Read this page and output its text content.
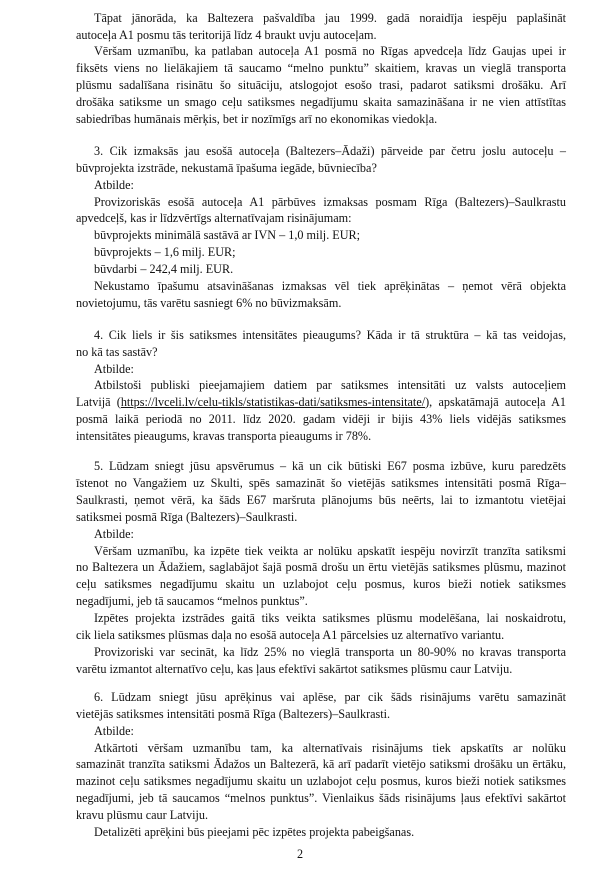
Tāpat jānorāda, ka Baltezera pašvaldība jau 1999. gadā noraidīja iespēju paplašināt
autoceļa A1 posmu tās teritorijā līdz 4 braukt uvju autoceļam.
Vēršam uzmanību, ka patlaban autoceļa A1 posmā no Rīgas apvedceļa līdz Gaujas upei ir
fiksēts viens no lielākajiem tā saucamo “melno punktu” skaitiem, kravas un vieglā transporta
plūsmu sadalīšana risinātu šo situāciju, atslogojot esošo trasi, padarot satiksmi drošāku. Arī
drošāka satiksme un smago ceļu satiksmes negadījumu skaita samazināšana ir ne vien attīstītas
sabiedrības humānais mērķis, bet ir nozīmīgs arī no ekonomikas viedokļa.
3. Cik izmaksās jau esošā autoceļa (Baltezers–Ādaži) pārveide par četru joslu autoceļu –
būvprojekta izstrāde, nekustamā īpašuma iegāde, būvniecība?
Atbilde:
Provizoriskās esošā autoceļa A1 pārbūves izmaksas posmam Rīga (Baltezers)–Saulkrastu
apvedceļš, kas ir līdzvērtīgs alternatīvajam risinājumam:
būvprojekts minimālā sastāvā ar IVN – 1,0 milj. EUR;
būvprojekts – 1,6 milj. EUR;
būvdarbi – 242,4 milj. EUR.
Nekustamo īpašumu atsavināšanas izmaksas vēl tiek aprēķinātas – ņemot vērā objekta
novietojumu, tās varētu sasniegt 6% no būvizmaksām.
4. Cik liels ir šis satiksmes intensitātes pieaugums? Kāda ir tā struktūra – kā tas veidojas,
no kā tas sastāv?
Atbilde:
Atbilstoši publiski pieejamajiem datiem par satiksmes intensitāti uz valsts autoceļiem
Latvijā (https://lvceli.lv/celu-tikls/statistikas-dati/satiksmes-intensitate/), apskatāmajā autoceļa A1
posmā laikā periodā no 2011. līdz 2020. gadam vidēji ir bijis 43% liels vidējās satiksmes
intensitātes pieaugums, kravas transporta pieaugums ir 78%.
5. Lūdzam sniegt jūsu apsvērumus – kā un cik būtiski E67 posma izbūve, kuru paredzēts
īstenot no Vangažiem uz Skulti, spēs samazināt šo vietējās satiksmes intensitāti posmā Rīga–
Saulkrasti, ņemot vērā, ka šāds E67 maršruta plānojums būs neērts, lai to izmantotu vietējai
satiksmei posmā Rīga (Baltezers)–Saulkrasti.
Atbilde:
Vēršam uzmanību, ka izpēte tiek veikta ar nolūku apskatīt iespēju novirzīt tranzīta satiksmi
no Baltezera un Ādažiem, saglabājot šajā posmā drošu un ērtu vietējās satiksmes plūsmu, mazinot
ceļu satiksmes negadījumu skaitu un uzlabojot ceļu posmus, kuros bieži notiek satiksmes
negadījumi, jeb tā saucamos “melnos punktus”.
Izpētes projekta izstrādes gaitā tiks veikta satiksmes plūsmu modelēšana, lai noskaidrotu,
cik liela satiksmes plūsmas daļa no esošā autoceļa A1 pārcelsies uz alternatīvo variantu.
Provizoriski var secināt, ka līdz 25% no vieglā transporta un 80-90% no kravas transporta
varētu izmantot alternatīvo ceļu, kas ļaus efektīvi sakārtot satiksmes plūsmu caur Latviju.
6. Lūdzam sniegt jūsu aprēķinus vai aplēse, par cik šāds risinājums varētu samazināt
vietējās satiksmes intensitāti posmā Rīga (Baltezers)–Saulkrasti.
Atbilde:
Atkārtoti vēršam uzmanību tam, ka alternatīvais risinājums tiek apskatīts ar nolūku
samazināt tranzīta satiksmi Ādažos un Baltezerā, kā arī padarīt vietējo satiksmi drošāku un ērtāku,
mazinot ceļu satiksmes negadījumu skaitu un uzlabojot ceļu posmus, kuros bieži notiek satiksmes
negadījumi, jeb tā saucamos “melnos punktus”. Vienlaikus šāds risinājums ļaus efektīvi sakārtot
kravu plūsmu caur Latviju.
Detalizēti aprēķini būs pieejami pēc izpētes projekta pabeigšanas.
2
